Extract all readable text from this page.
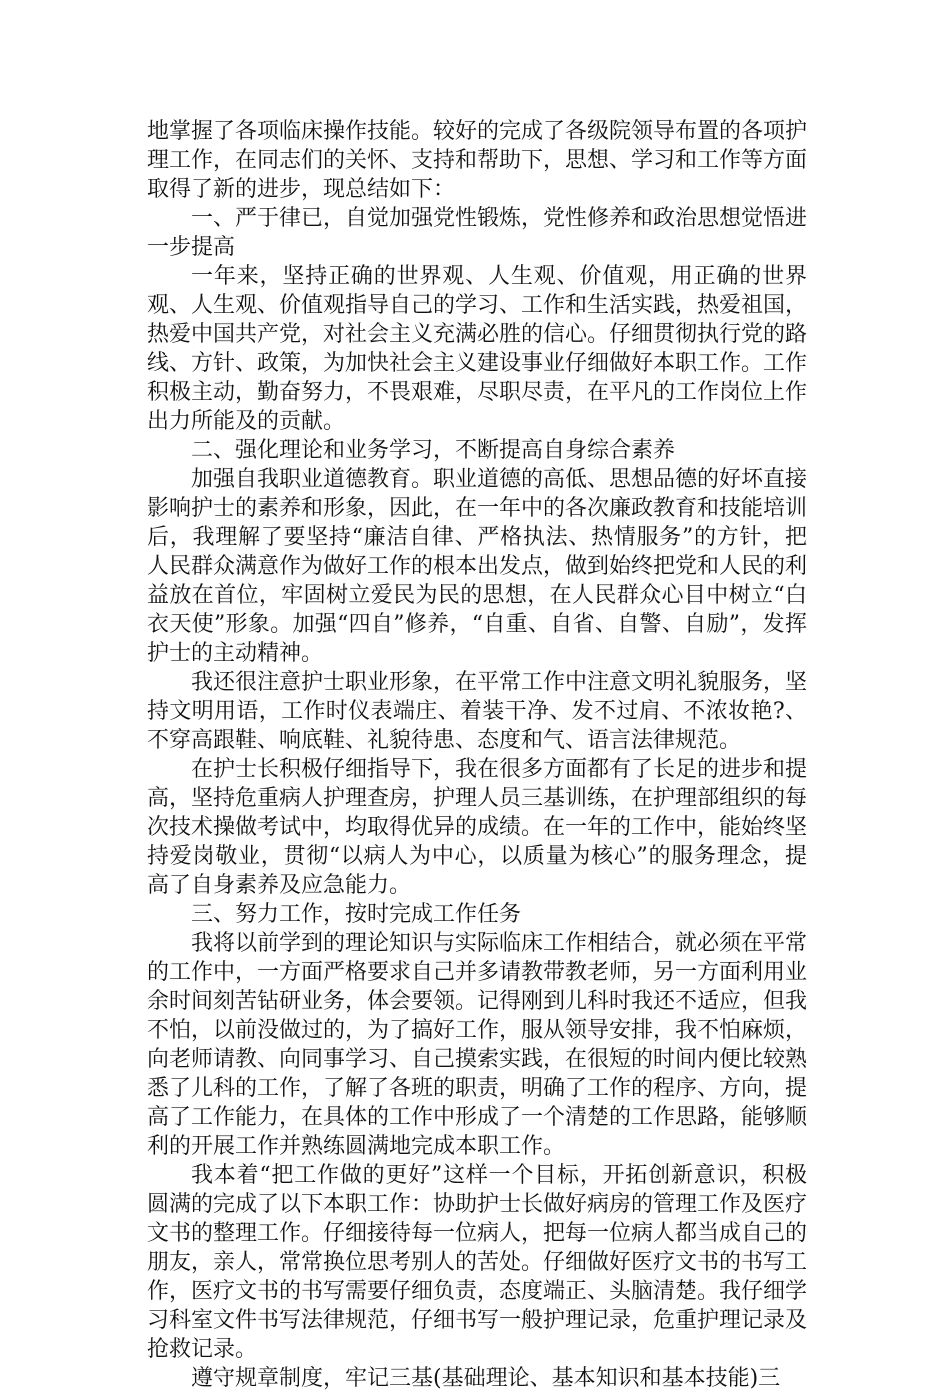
地掌握了各项临床操作技能。较好的完成了各级院领导布置的各项护理工作，在同志们的关怀、支持和帮助下，思想、学习和工作等方面取得了新的进步，现总结如下：

一、严于律已，自觉加强党性锻炼，党性修养和政治思想觉悟进一步提高

一年来，坚持正确的世界观、人生观、价值观，用正确的世界观、人生观、价值观指导自己的学习、工作和生活实践，热爱祖国，热爱中国共产党，对社会主义充满必胜的信心。仔细贯彻执行党的路线、方针、政策，为加快社会主义建设事业仔细做好本职工作。工作积极主动，勤奋努力，不畏艰难，尽职尽责，在平凡的工作岗位上作出力所能及的贡献。

二、强化理论和业务学习，不断提高自身综合素养

加强自我职业道德教育。职业道德的高低、思想品德的好坏直接影响护士的素养和形象，因此，在一年中的各次廉政教育和技能培训后，我理解了要坚持“廉洁自律、严格执法、热情服务”的方针，把人民群众满意作为做好工作的根本出发点，做到始终把党和人民的利益放在首位，牢固树立爱民为民的思想，在人民群众心目中树立“白衣天使”形象。加强“四自”修养，“自重、自省、自警、自励”，发挥护士的主动精神。

我还很注意护士职业形象，在平常工作中注意文明礼貌服务，坚持文明用语，工作时仪表端庄、着装干净、发不过肩、不浓妆艳?、不穿高跟鞋、响底鞋、礼貌待患、态度和气、语言法律规范。

在护士长积极仔细指导下，我在很多方面都有了长足的进步和提高，坚持危重病人护理查房，护理人员三基训练，在护理部组织的每次技术操做考试中，均取得优异的成绩。在一年的工作中，能始终坚持爱岗敬业，贯彻“以病人为中心，以质量为核心”的服务理念，提高了自身素养及应急能力。

三、努力工作，按时完成工作任务

我将以前学到的理论知识与实际临床工作相结合，就必须在平常的工作中，一方面严格要求自己并多请教带教老师，另一方面利用业余时间刻苦钻研业务，体会要领。记得刚到儿科时我还不适应，但我不怕，以前没做过的，为了搞好工作，服从领导安排，我不怕麻烦，向老师请教、向同事学习、自己摸索实践，在很短的时间内便比较熟悉了儿科的工作，了解了各班的职责，明确了工作的程序、方向，提高了工作能力，在具体的工作中形成了一个清楚的工作思路，能够顺利的开展工作并熟练圆满地完成本职工作。

我本着“把工作做的更好”这样一个目标，开拓创新意识，积极圆满的完成了以下本职工作：协助护士长做好病房的管理工作及医疗文书的整理工作。仔细接待每一位病人，把每一位病人都当成自己的朋友，亲人，常常换位思考别人的苦处。仔细做好医疗文书的书写工作，医疗文书的书写需要仔细负责，态度端正、头脑清楚。我仔细学习科室文件书写法律规范，仔细书写一般护理记录，危重护理记录及抢救记录。

遵守规章制度，牢记三基(基础理论、基本知识和基本技能)三
